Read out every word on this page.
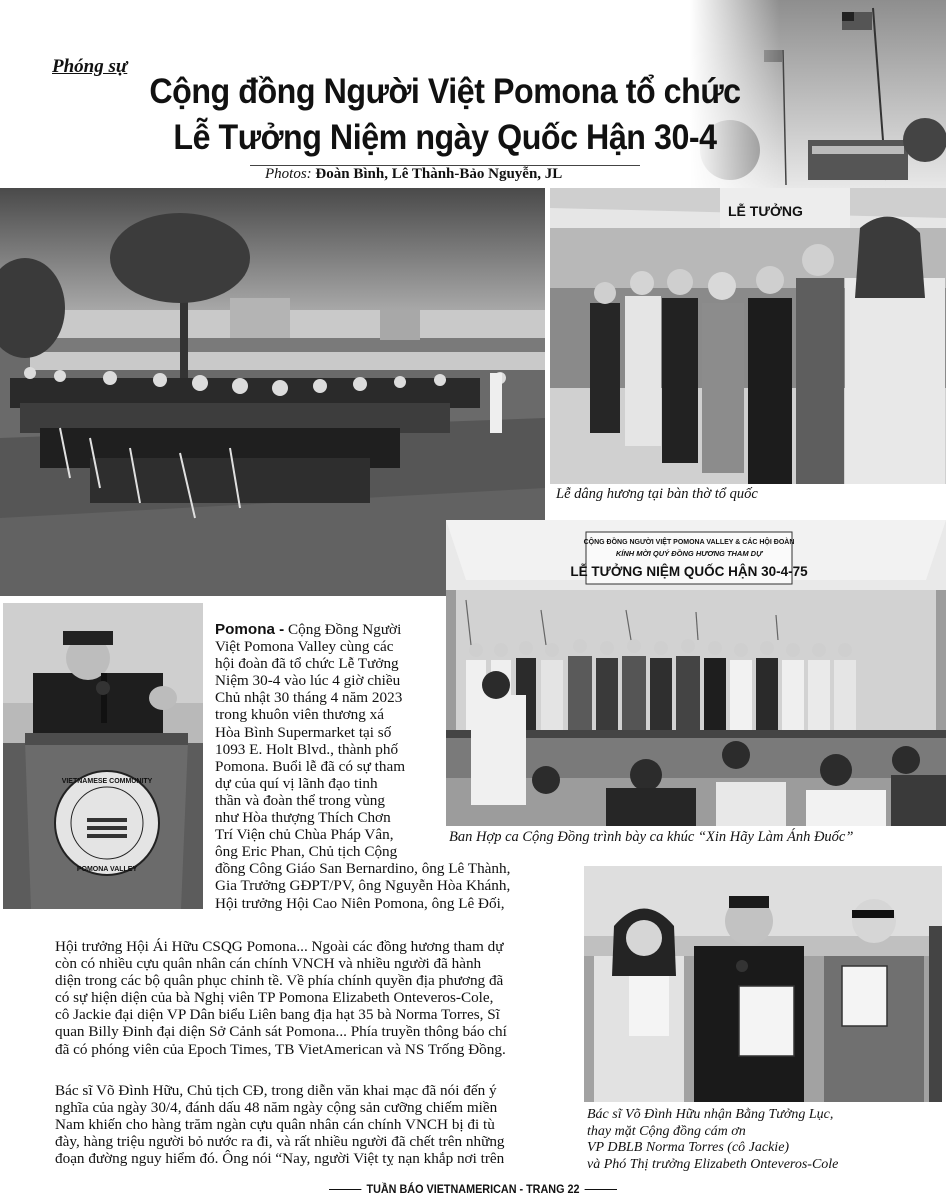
Phóng sự
Cộng đồng Người Việt Pomona tổ chức
Lễ Tưởng Niệm ngày Quốc Hận 30-4
Photos: Đoàn Bình, Lê Thành-Bảo Nguyễn, JL
LỄ TƯỞNG
Lễ dâng hương tại bàn thờ tổ quốc
CỘNG ĐỒNG NGƯỜI VIỆT POMONA VALLEY & CÁC HỘI ĐOÀN
KÍNH MỜI QUÝ ĐỒNG HƯƠNG THAM DỰ
LỄ TƯỞNG NIỆM QUỐC HẬN 30-4-75
Ban Hợp ca Cộng Đồng trình bày ca khúc “Xin Hãy Làm Ánh Đuốc”
VIETNAMESE COMMUNITY
POMONA VALLEY
Bác sĩ Võ Đình Hữu nhận Bằng Tưởng Lục,
thay mặt Cộng đồng cám ơn
VP DBLB Norma Torres (cô Jackie)
và Phó Thị trưởng Elizabeth Onteveros-Cole
Pomona - Cộng Đồng Người
Việt Pomona Valley cùng các
hội đoàn đã tổ chức Lễ Tưởng
Niệm 30-4 vào lúc 4 giờ chiều
Chủ nhật 30 tháng 4 năm 2023
trong khuôn viên thương xá
Hòa Bình Supermarket tại số
1093 E. Holt Blvd., thành phố
Pomona. Buổi lễ đã có sự tham
dự của quí vị lãnh đạo tinh
thần và đoàn thể trong vùng
như Hòa thượng Thích Chơn
Trí Viện chủ Chùa Pháp Vân,
ông Eric Phan, Chủ tịch Cộng
đồng Công Giáo San Bernardino, ông Lê Thành,
Gia Trưởng GĐPT/PV, ông Nguyễn Hòa Khánh,
Hội trưởng Hội Cao Niên Pomona, ông Lê Đối,
Hội trưởng Hội Ái Hữu CSQG Pomona... Ngoài các đồng hương tham dự
còn có nhiều cựu quân nhân cán chính VNCH và nhiều người đã hành
diện trong các bộ quân phục chỉnh tề. Về phía chính quyền địa phương đã
có sự hiện diện của bà Nghị viên TP Pomona Elizabeth Onteveros-Cole,
cô Jackie đại diện VP Dân biểu Liên bang địa hạt 35 bà Norma Torres, Sĩ
quan Billy Đinh đại diện Sở Cảnh sát Pomona... Phía truyền thông báo chí
đã có phóng viên của Epoch Times, TB VietAmerican và NS Trống Đồng.
Bác sĩ Võ Đình Hữu, Chủ tịch CĐ, trong diễn văn khai mạc đã nói đến ý
nghĩa của ngày 30/4, đánh dấu 48 năm ngày cộng sản cưỡng chiếm miền
Nam khiến cho hàng trăm ngàn cựu quân nhân cán chính VNCH bị đi tù
đày, hàng triệu người bỏ nước ra đi, và rất nhiều người đã chết trên những
đoạn đường nguy hiểm đó. Ông nói “Nay, người Việt tỵ nạn khắp nơi trên
TUẦN BÁO VIETNAMERICAN - TRANG 22
